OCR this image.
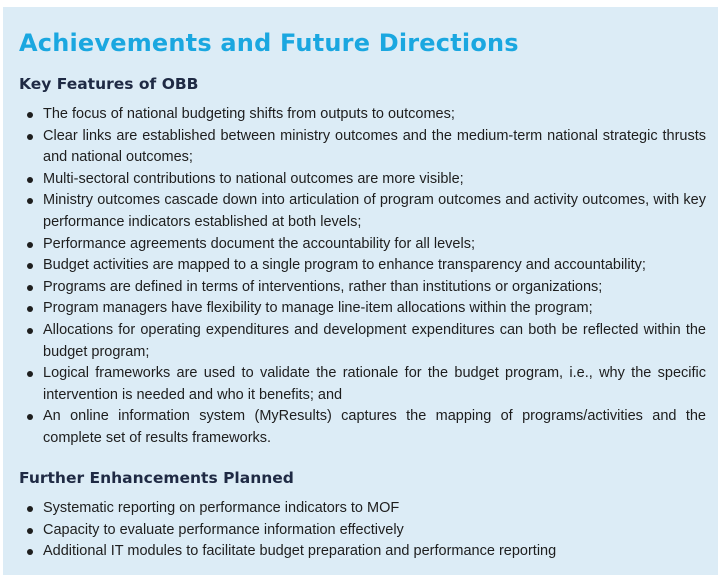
Achievements and Future Directions
Key Features of OBB
The focus of national budgeting shifts from outputs to outcomes;
Clear links are established between ministry outcomes and the medium-term national strategic thrusts and national outcomes;
Multi-sectoral contributions to national outcomes are more visible;
Ministry outcomes cascade down into articulation of program outcomes and activity outcomes, with key performance indicators established at both levels;
Performance agreements document the accountability for all levels;
Budget activities are mapped to a single program to enhance transparency and accountability;
Programs are defined in terms of interventions, rather than institutions or organizations;
Program managers have flexibility to manage line-item allocations within the program;
Allocations for operating expenditures and development expenditures can both be reflected within the budget program;
Logical frameworks are used to validate the rationale for the budget program, i.e., why the specific intervention is needed and who it benefits; and
An online information system (MyResults) captures the mapping of programs/activities and the complete set of results frameworks.
Further Enhancements Planned
Systematic reporting on performance indicators to MOF
Capacity to evaluate performance information effectively
Additional IT modules to facilitate budget preparation and performance reporting
